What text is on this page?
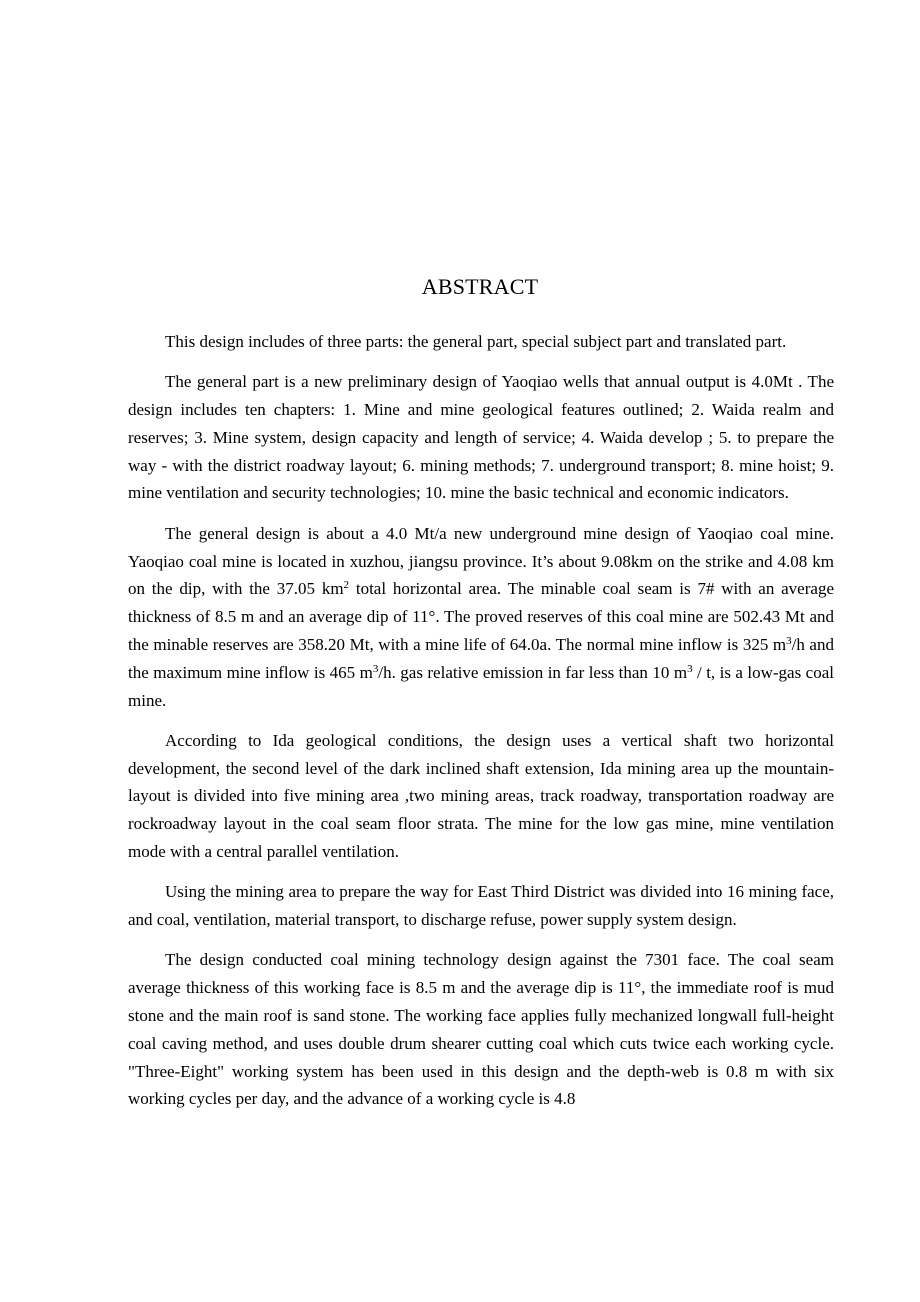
ABSTRACT

This design includes of three parts: the general part, special subject part and translated part.

The general part is a new preliminary design of Yaoqiao wells that annual output is 4.0Mt . The design includes ten chapters: 1. Mine and mine geological features outlined; 2. Waida realm and reserves; 3. Mine system, design capacity and length of service; 4. Waida develop ; 5. to prepare the way - with the district roadway layout; 6. mining methods; 7. underground transport; 8. mine hoist; 9. mine ventilation and security technologies; 10. mine the basic technical and economic indicators.

The general design is about a 4.0 Mt/a new underground mine design of Yaoqiao coal mine. Yaoqiao coal mine is located in xuzhou, jiangsu province. It’s about 9.08km on the strike and 4.08 km on the dip, with the 37.05 $km^2$ total horizontal area. The minable coal seam is 7# with an average thickness of 8.5 m and an average dip of 11°. The proved reserves of this coal mine are 502.43 Mt and the minable reserves are 358.20 Mt, with a mine life of 64.0a. The normal mine inflow is 325 $m^3/h$ and the maximum mine inflow is 465 $m^3/h$. gas relative emission in far less than 10 $m^3$ / t, is a low-gas coal mine.

According to Ida geological conditions, the design uses a vertical shaft two horizontal development, the second level of the dark inclined shaft extension, Ida mining area up the mountain-layout is divided into five mining area ,two mining areas, track roadway, transportation roadway are rockroadway layout in the coal seam floor strata. The mine for the low gas mine, mine ventilation mode with a central parallel ventilation.

Using the mining area to prepare the way for East Third District was divided into 16 mining face, and coal, ventilation, material transport, to discharge refuse, power supply system design.

The design conducted coal mining technology design against the 7301 face. The coal seam average thickness of this working face is 8.5 m and the average dip is 11°, the immediate roof is mud stone and the main roof is sand stone. The working face applies fully mechanized longwall full-height coal caving method, and uses double drum shearer cutting coal which cuts twice each working cycle. "Three-Eight" working system has been used in this design and the depth-web is 0.8 m with six working cycles per day, and the advance of a working cycle is 4.8
